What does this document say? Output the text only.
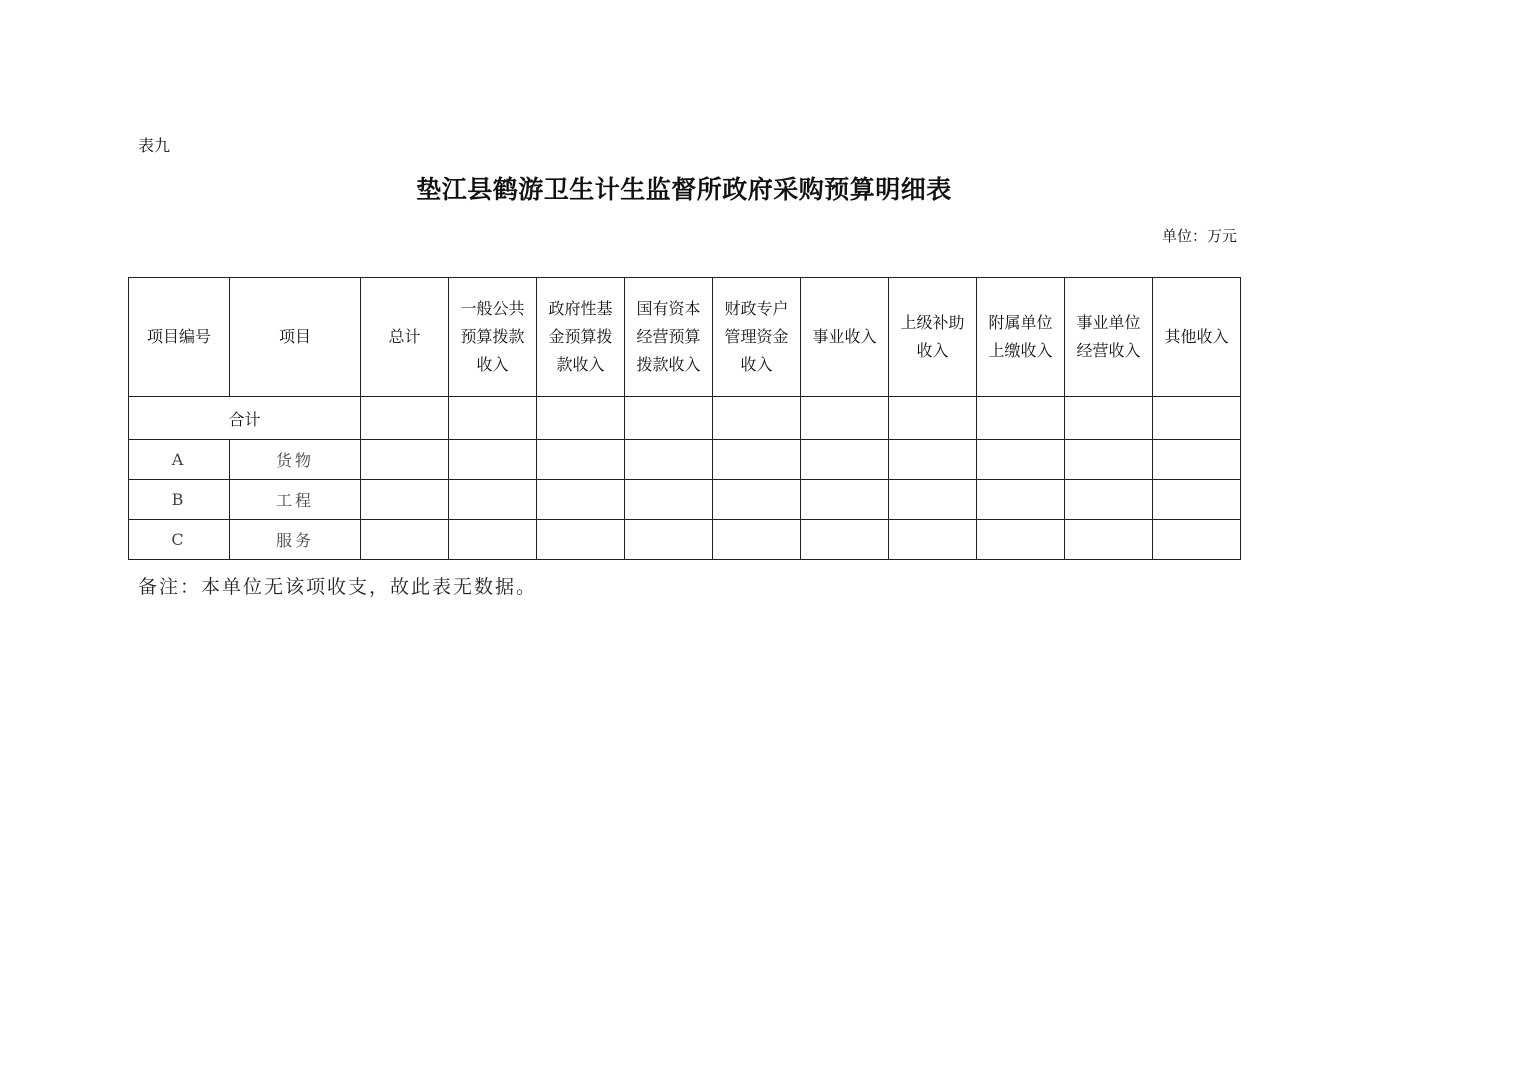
表九
垫江县鹤游卫生计生监督所政府采购预算明细表
单位：万元
项目编号	项目	总计	一般公共预算拨款收入	政府性基金预算拨款收入	国有资本经营预算拨款收入	财政专户管理资金收入	事业收入	上级补助收入	附属单位上缴收入	事业单位经营收入	其他收入
合计											
A	货物										
B	工程										
C	服务										
备注：本单位无该项收支，故此表无数据。
